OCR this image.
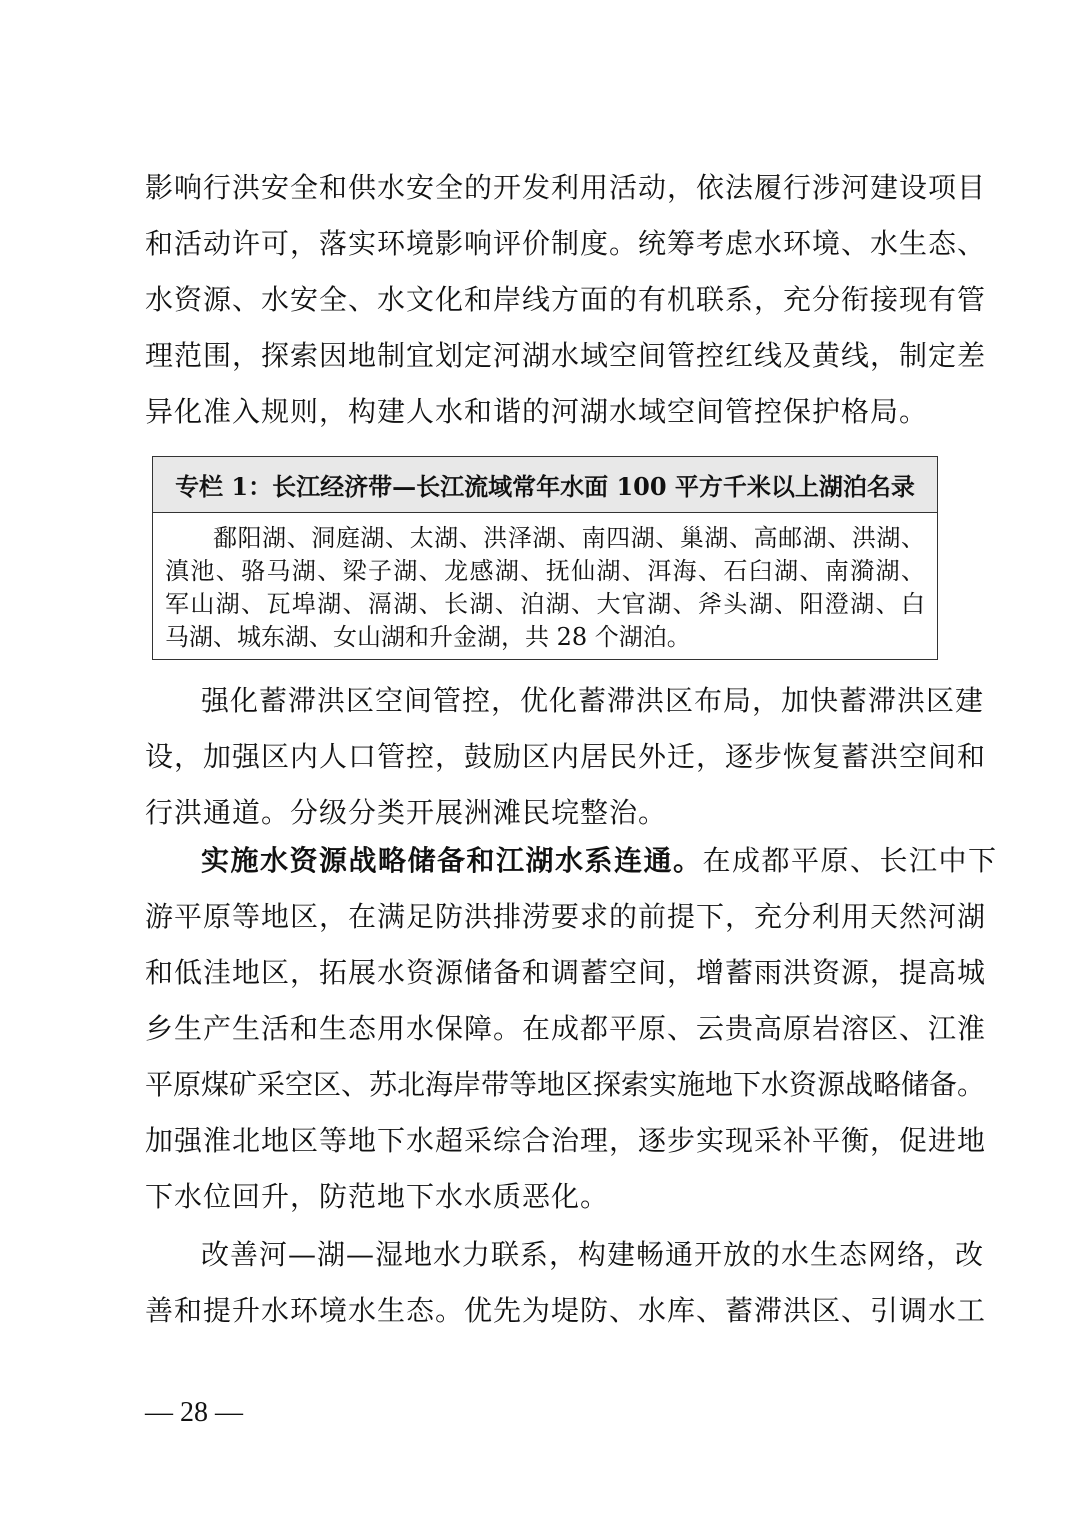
影响行洪安全和供水安全的开发利用活动，依法履行涉河建设项目
和活动许可，落实环境影响评价制度。统筹考虑水环境、水生态、
水资源、水安全、水文化和岸线方面的有机联系，充分衔接现有管
理范围，探索因地制宜划定河湖水域空间管控红线及黄线，制定差
异化准入规则，构建人水和谐的河湖水域空间管控保护格局。
专栏 1：长江经济带—长江流域常年水面 100 平方千米以上湖泊名录
鄱阳湖、洞庭湖、太湖、洪泽湖、南四湖、巢湖、高邮湖、洪湖、
滇池、骆马湖、梁子湖、龙感湖、抚仙湖、洱海、石臼湖、南漪湖、
军山湖、瓦埠湖、滆湖、长湖、泊湖、大官湖、斧头湖、阳澄湖、白
马湖、城东湖、女山湖和升金湖，共 28 个湖泊。
强化蓄滞洪区空间管控，优化蓄滞洪区布局，加快蓄滞洪区建
设，加强区内人口管控，鼓励区内居民外迁，逐步恢复蓄洪空间和
行洪通道。分级分类开展洲滩民垸整治。
实施水资源战略储备和江湖水系连通。在成都平原、长江中下
游平原等地区，在满足防洪排涝要求的前提下，充分利用天然河湖
和低洼地区，拓展水资源储备和调蓄空间，增蓄雨洪资源，提高城
乡生产生活和生态用水保障。在成都平原、云贵高原岩溶区、江淮
平原煤矿采空区、苏北海岸带等地区探索实施地下水资源战略储备。
加强淮北地区等地下水超采综合治理，逐步实现采补平衡，促进地
下水位回升，防范地下水水质恶化。
改善河—湖—湿地水力联系，构建畅通开放的水生态网络，改
善和提升水环境水生态。优先为堤防、水库、蓄滞洪区、引调水工
— 28 —
